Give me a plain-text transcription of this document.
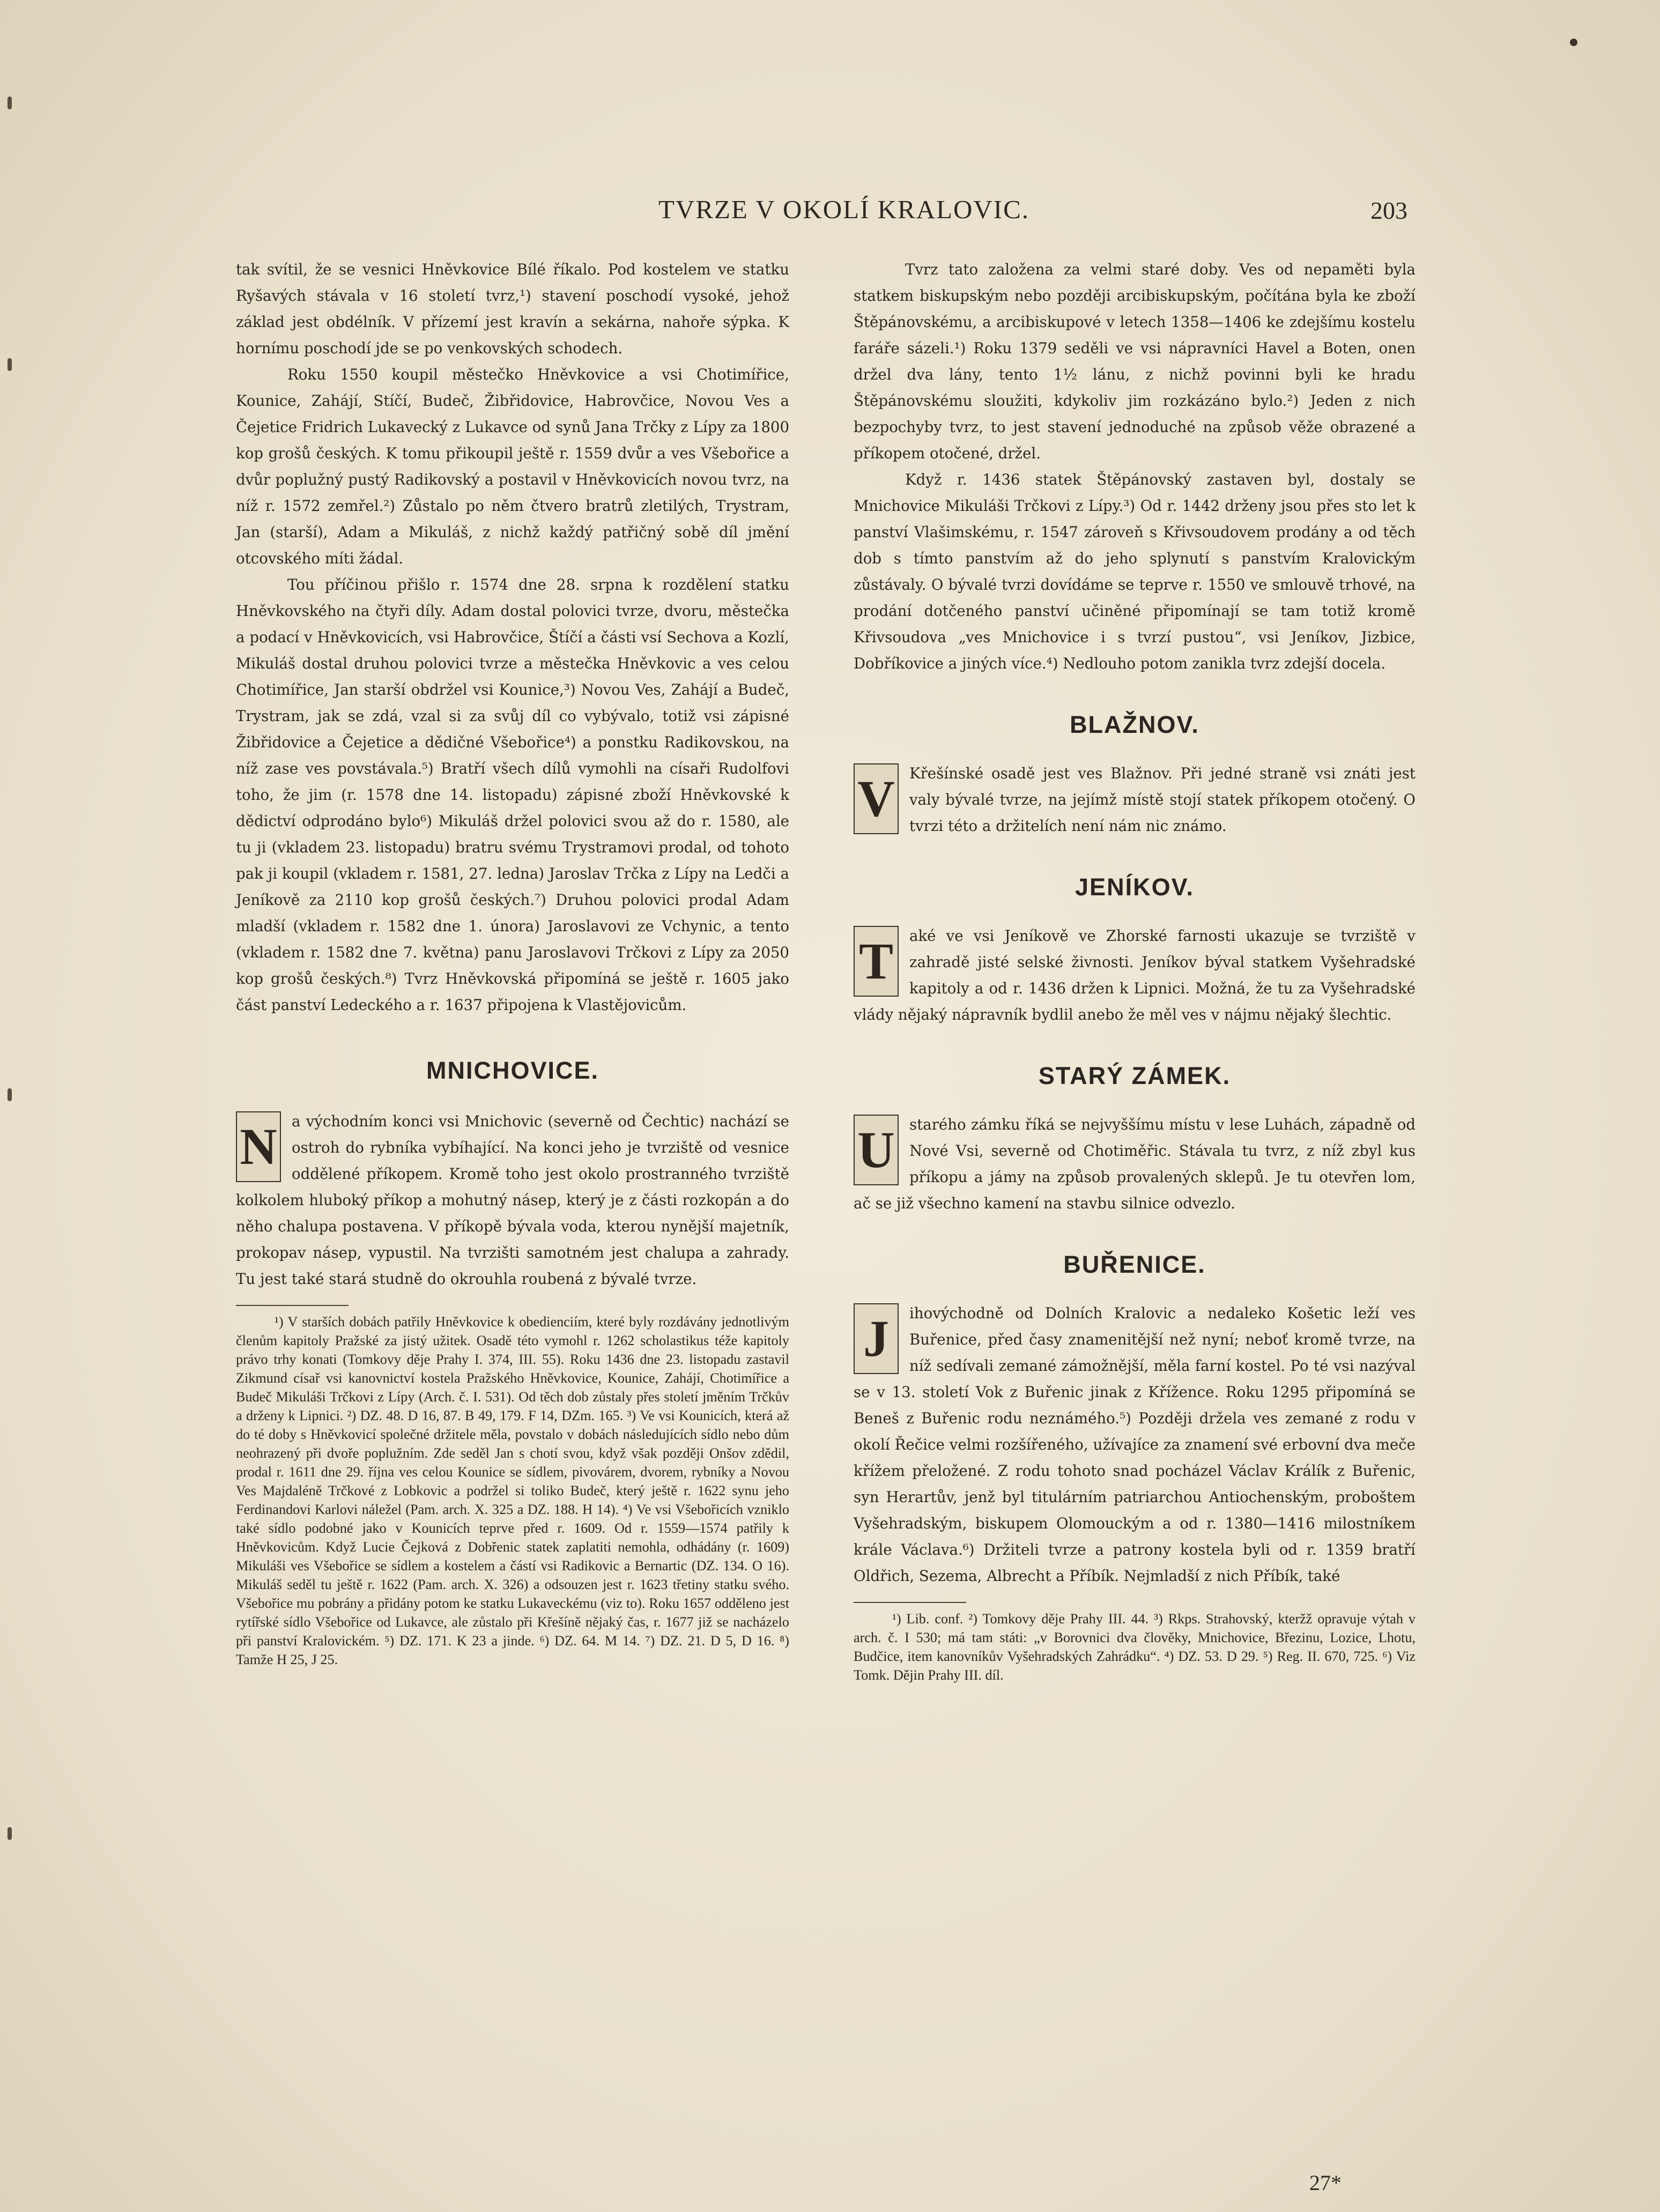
TVRZE V OKOLÍ KRALOVIC.	203

tak svítil, že se vesnici Hněvkovice Bílé říkalo. Pod kostelem ve statku Ryšavých stávala v 16 století tvrz,¹) stavení poschodí vysoké, jehož základ jest obdélník. V přízemí jest kravín a sekárna, nahoře sýpka. K hornímu poschodí jde se po venkovských schodech.

Roku 1550 koupil městečko Hněvkovice a vsi Chotimířice, Kounice, Zahájí, Stíčí, Budeč, Žibřidovice, Habrovčice, Novou Ves a Čejetice Fridrich Lukavecký z Lukavce od synů Jana Trčky z Lípy za 1800 kop grošů českých. K tomu přikoupil ještě r. 1559 dvůr a ves Všebořice a dvůr poplužný pustý Radikovský a postavil v Hněvkovicích novou tvrz, na níž r. 1572 zemřel.²) Zůstalo po něm čtvero bratrů zletilých, Trystram, Jan (starší), Adam a Mikuláš, z nichž každý patřičný sobě díl jmění otcovského míti žádal.

Tou příčinou přišlo r. 1574 dne 28. srpna k rozdělení statku Hněvkovského na čtyři díly. Adam dostal polovici tvrze, dvoru, městečka a podací v Hněvkovicích, vsi Habrovčice, Štíčí a části vsí Sechova a Kozlí, Mikuláš dostal druhou polovici tvrze a městečka Hněvkovic a ves celou Chotimířice, Jan starší obdržel vsi Kounice,³) Novou Ves, Zahájí a Budeč, Trystram, jak se zdá, vzal si za svůj díl co vybývalo, totiž vsi zápisné Žibřidovice a Čejetice a dědičné Všebořice⁴) a ponstku Radikovskou, na níž zase ves povstávala.⁵) Bratří všech dílů vymohli na císaři Rudolfovi toho, že jim (r. 1578 dne 14. listopadu) zápisné zboží Hněvkovské k dědictví odprodáno bylo⁶) Mikuláš držel polovici svou až do r. 1580, ale tu ji (vkladem 23. listopadu) bratru svému Trystramovi prodal, od tohoto pak ji koupil (vkladem r. 1581, 27. ledna) Jaroslav Trčka z Lípy na Ledči a Jeníkově za 2110 kop grošů českých.⁷) Druhou polovici prodal Adam mladší (vkladem r. 1582 dne 1. února) Jaroslavovi ze Vchynic, a tento (vkladem r. 1582 dne 7. května) panu Jaroslavovi Trčkovi z Lípy za 2050 kop grošů českých.⁸) Tvrz Hněvkovská připomíná se ještě r. 1605 jako část panství Ledeckého a r. 1637 připojena k Vlastějovicům.

MNICHOVICE.
N a východním konci vsi Mnichovic (severně od Čechtic) nachází se ostroh do rybníka vybíhající. Na konci jeho je tvrziště od vesnice oddělené příkopem. Kromě toho jest okolo prostranného tvrziště kolkolem hluboký příkop a mohutný násep, který je z části rozkopán a do něho chalupa postavena. V příkopě bývala voda, kterou nynější majetník, prokopav násep, vypustil. Na tvrzišti samotném jest chalupa a zahrady. Tu jest také stará studně do okrouhla roubená z bývalé tvrze.

¹) V starších dobách patřily Hněvkovice k obedienciím, které byly rozdávány jednotlivým členům kapitoly Pražské za jistý užitek. Osadě této vymohl r. 1262 scholastikus téže kapitoly právo trhy konati (Tomkovy děje Prahy I. 374, III. 55). Roku 1436 dne 23. listopadu zastavil Zikmund císař vsi kanovnictví kostela Pražského Hněvkovice, Kounice, Zahájí, Chotimířice a Budeč Mikuláši Trčkovi z Lípy (Arch. č. I. 531). Od těch dob zůstaly přes století jměním Trčkův a drženy k Lipnici. ²) DZ. 48. D 16, 87. B 49, 179. F 14, DZm. 165. ³) Ve vsi Kounicích, která až do té doby s Hněvkovicí společné držitele měla, povstalo v dobách následujících sídlo nebo dům neohrazený při dvoře poplužním. Zde seděl Jan s chotí svou, když však později Onšov zdědil, prodal r. 1611 dne 29. října ves celou Kounice se sídlem, pivovárem, dvorem, rybníky a Novou Ves Majdaléně Trčkové z Lobkovic a podržel si toliko Budeč, který ještě r. 1622 synu jeho Ferdinandovi Karlovi náležel (Pam. arch. X. 325 a DZ. 188. H 14). ⁴) Ve vsi Všebořicích vzniklo také sídlo podobné jako v Kounicích teprve před r. 1609. Od r. 1559—1574 patřily k Hněvkovicům. Když Lucie Čejková z Dobřenic statek zaplatiti nemohla, odhádány (r. 1609) Mikuláši ves Všebořice se sídlem a kostelem a částí vsi Radikovic a Bernartic (DZ. 134. O 16). Mikuláš seděl tu ještě r. 1622 (Pam. arch. X. 326) a odsouzen jest r. 1623 třetiny statku svého. Všebořice mu pobrány a přidány potom ke statku Lukaveckému (viz to). Roku 1657 odděleno jest rytířské sídlo Všebořice od Lukavce, ale zůstalo při Křešíně nějaký čas, r. 1677 již se nacházelo při panství Kralovickém. ⁵) DZ. 171. K 23 a jinde. ⁶) DZ. 64. M 14. ⁷) DZ. 21. D 5, D 16. ⁸) Tamže H 25, J 25.

Tvrz tato založena za velmi staré doby. Ves od nepaměti byla statkem biskupským nebo později arcibiskupským, počítána byla ke zboží Štěpánovskému, a arcibiskupové v letech 1358—1406 ke zdejšímu kostelu faráře sázeli.¹) Roku 1379 seděli ve vsi nápravníci Havel a Boten, onen držel dva lány, tento 1½ lánu, z nichž povinni byli ke hradu Štěpánovskému sloužiti, kdykoliv jim rozkázáno bylo.²) Jeden z nich bezpochyby tvrz, to jest stavení jednoduché na způsob věže obrazené a příkopem otočené, držel.

Když r. 1436 statek Štěpánovský zastaven byl, dostaly se Mnichovice Mikuláši Trčkovi z Lípy.³) Od r. 1442 drženy jsou přes sto let k panství Vlašimskému, r. 1547 zároveň s Křivsoudovem prodány a od těch dob s tímto panstvím až do jeho splynutí s panstvím Kralovickým zůstávaly. O bývalé tvrzi dovídáme se teprve r. 1550 ve smlouvě trhové, na prodání dotčeného panství učiněné připomínají se tam totiž kromě Křivsoudova „ves Mnichovice i s tvrzí pustou“, vsi Jeníkov, Jizbice, Dobříkovice a jiných více.⁴) Nedlouho potom zanikla tvrz zdejší docela.

BLAŽNOV.
V Křešínské osadě jest ves Blažnov. Při jedné straně vsi znáti jest valy bývalé tvrze, na jejímž místě stojí statek příkopem otočený. O tvrzi této a držitelích není nám nic známo.

JENÍKOV.
T	aké ve vsi Jeníkově ve Zhorské farnosti ukazuje se tvrziště v zahradě jisté selské živnosti. Jeníkov býval statkem Vyšehradské kapitoly a od r. 1436 držen k Lipnici. Možná, že tu za Vyšehradské vlády nějaký nápravník bydlil anebo že měl ves v nájmu nějaký šlechtic.

STARÝ ZÁMEK.
U starého zámku říká se nejvyššímu místu v lese Luhách, západně od Nové Vsi, severně od Chotiměřic. Stávala tu tvrz, z níž zbyl kus příkopu a jámy na způsob provalených sklepů. Je tu otevřen lom, ač se již všechno kamení na stavbu silnice odvezlo.

BUŘENICE.
J	ihovýchodně od Dolních Kralovic a nedaleko Košetic leží ves Buřenice, před časy znamenitější než nyní; neboť kromě tvrze, na níž sedívali zemané zámožnější, měla farní kostel. Po té vsi nazýval se v 13. století Vok z Buřenic jinak z Křížence. Roku 1295 připomíná se Beneš z Buřenic rodu neznámého.⁵) Později držela ves zemané z rodu v okolí Řečice velmi rozšířeného, užívajíce za znamení své erbovní dva meče křížem přeložené. Z rodu tohoto snad pocházel Václav Králík z Buřenic, syn Herartův, jenž byl titulárním patriarchou Antiochenským, proboštem Vyšehradským, biskupem Olomouckým a od r. 1380—1416 milostníkem krále Václava.⁶) Držiteli tvrze a patrony kostela byli od r. 1359 bratří Oldřich, Sezema, Albrecht a Příbík. Nejmladší z nich Příbík, také

¹) Lib. conf. ²) Tomkovy děje Prahy III. 44. ³) Rkps. Strahovský, kteržž opravuje výtah v arch. č. I 530; má tam státi: „v Borovnici dva člověky, Mnichovice, Březinu, Lozice, Lhotu, Budčice, item kanovníkův Vyšehradských Zahrádku“. ⁴) DZ. 53. D 29. ⁵) Reg. II. 670, 725. ⁶) Viz Tomk. Dějin Prahy III. díl.

27*
